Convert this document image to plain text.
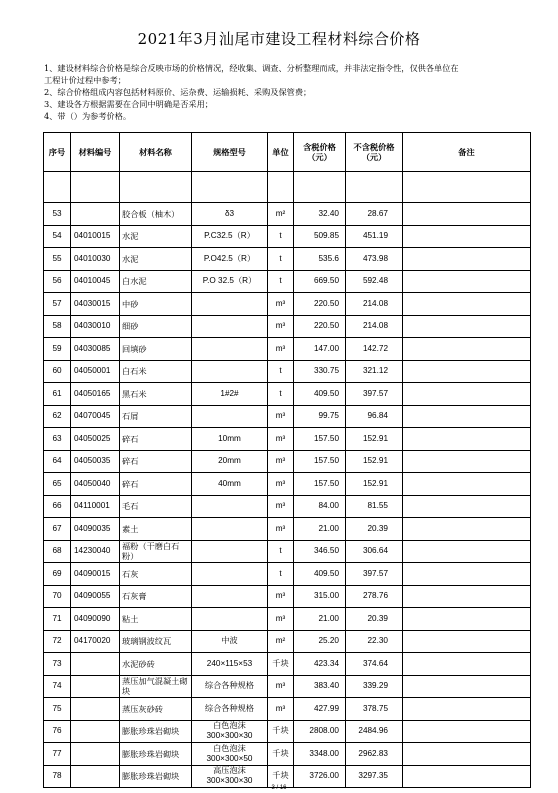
2021年3月汕尾市建设工程材料综合价格
1、建设材料综合价格是综合反映市场的价格情况，经收集、调查、分析整理而成，并非法定指令性，仅供各单位在
工程计价过程中参考；
2、综合价格组成内容包括材料原价、运杂费、运输损耗、采购及保管费；
3、建设各方根据需要在合同中明确是否采用；
4、带（）为参考价格。
序号	材料编号	材料名称	规格型号	单位	含税价格（元）	不含税价格（元）	备注

53		胶合板（柚木）	δ3	m²	32.40	28.67	
54	04010015	水泥	P.C32.5（R）	t	509.85	451.19	
55	04010030	水泥	P.O42.5（R）	t	535.6	473.98	
56	04010045	白水泥	P.O 32.5（R）	t	669.50	592.48	
57	04030015	中砂		m³	220.50	214.08	
58	04030010	细砂		m³	220.50	214.08	
59	04030085	回填砂		m³	147.00	142.72	
60	04050001	白石米		t	330.75	321.12	
61	04050165	黑石米	1#2#	t	409.50	397.57	
62	04070045	石屑		m³	99.75	96.84	
63	04050025	碎石	10mm	m³	157.50	152.91	
64	04050035	碎石	20mm	m³	157.50	152.91	
65	04050040	碎石	40mm	m³	157.50	152.91	
66	04110001	毛石		m³	84.00	81.55	
67	04090035	素土		m³	21.00	20.39	
68	14230040	福粉（干磨白石粉）		t	346.50	306.64	
69	04090015	石灰		t	409.50	397.57	
70	04090055	石灰膏		m³	315.00	278.76	
71	04090090	粘土		m³	21.00	20.39	
72	04170020	玻璃钢波纹瓦	中波	m²	25.20	22.30	
73		水泥砂砖	240×115×53	千块	423.34	374.64	
74		蒸压加气混凝土砌块	综合各种规格	m³	383.40	339.29	
75		蒸压灰砂砖	综合各种规格	m³	427.99	378.75	
76		膨胀珍珠岩砌块	白色泡沫300×300×30	千块	2808.00	2484.96	
77		膨胀珍珠岩砌块	白色泡沫300×300×50	千块	3348.00	2962.83	
78		膨胀珍珠岩砌块	高压泡沫300×300×30	千块	3726.00	3297.35	
3 / 16
